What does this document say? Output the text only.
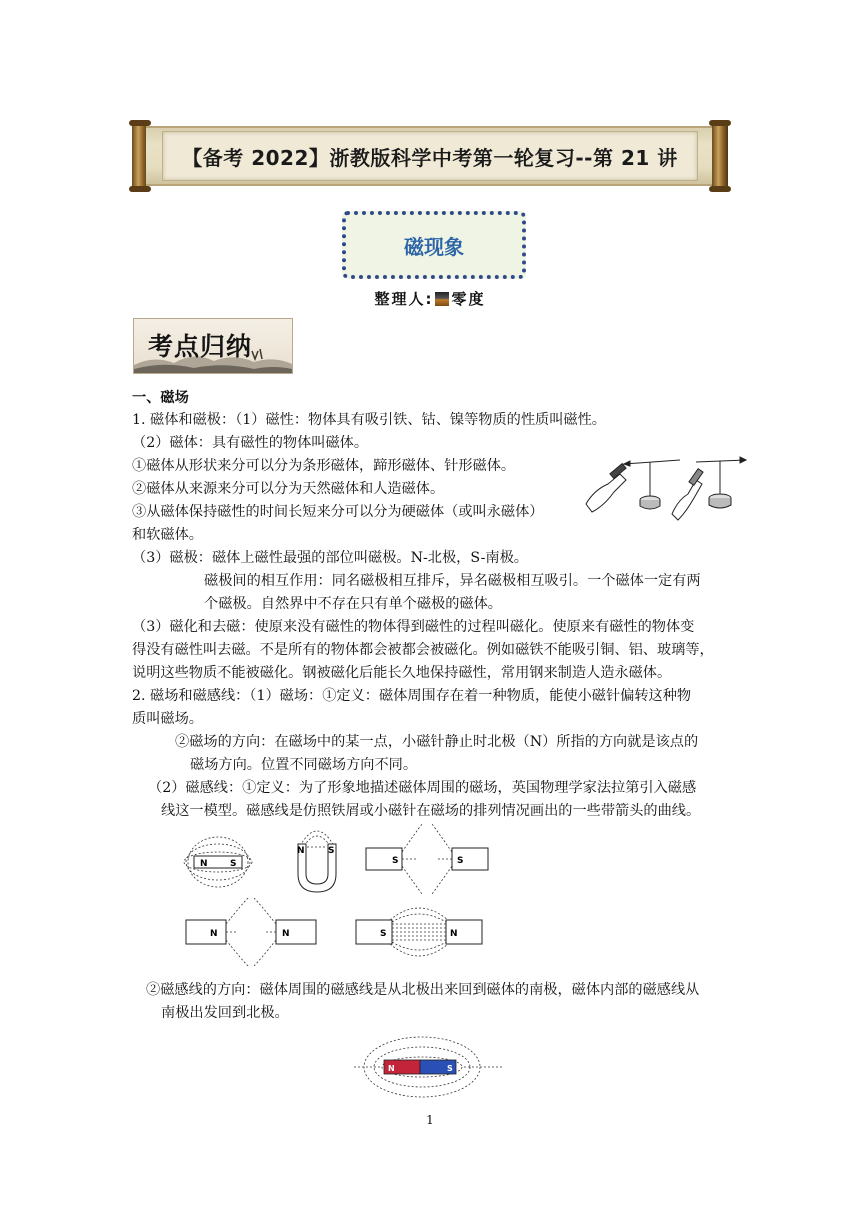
【备考 2022】浙教版科学中考第一轮复习--第 21 讲
磁现象
整理人: 零度
考点归纳
一、磁场
1. 磁体和磁极：（1）磁性：物体具有吸引铁、钴、镍等物质的性质叫磁性。
（2）磁体：具有磁性的物体叫磁体。
①磁体从形状来分可以分为条形磁体，蹄形磁体、针形磁体。
②磁体从来源来分可以分为天然磁体和人造磁体。
③从磁体保持磁性的时间长短来分可以分为硬磁体（或叫永磁体）
和软磁体。
（3）磁极：磁体上磁性最强的部位叫磁极。N-北极，S-南极。
磁极间的相互作用：同名磁极相互排斥，异名磁极相互吸引。一个磁体一定有两
个磁极。自然界中不存在只有单个磁极的磁体。
（3）磁化和去磁：使原来没有磁性的物体得到磁性的过程叫磁化。使原来有磁性的物体变
得没有磁性叫去磁。不是所有的物体都会被都会被磁化。例如磁铁不能吸引铜、铝、玻璃等，
说明这些物质不能被磁化。钢被磁化后能长久地保持磁性，常用钢来制造人造永磁体。
2. 磁场和磁感线：（1）磁场：①定义：磁体周围存在着一种物质，能使小磁针偏转这种物
质叫磁场。
②磁场的方向：在磁场中的某一点，小磁针静止时北极（N）所指的方向就是该点的
磁场方向。位置不同磁场方向不同。
（2）磁感线：①定义：为了形象地描述磁体周围的磁场，英国物理学家法拉第引入磁感
线这一模型。磁感线是仿照铁屑或小磁针在磁场的排列情况画出的一些带箭头的曲线。
②磁感线的方向：磁体周围的磁感线是从北极出来回到磁体的南极，磁体内部的磁感线从
南极出发回到北极。
N S
N	S
S	S
N	N	S	N
N	S
1
